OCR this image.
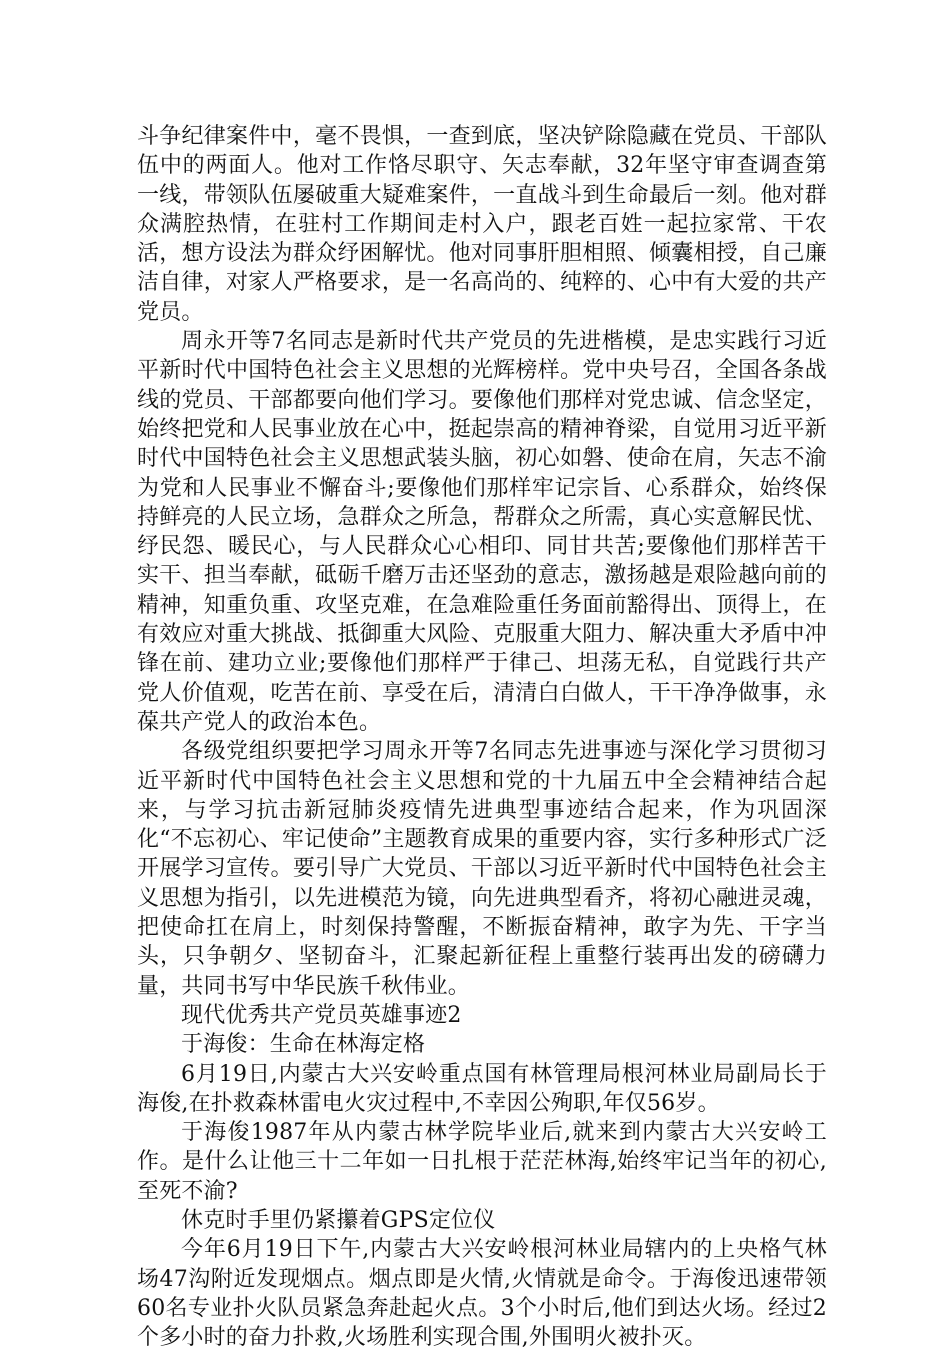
斗争纪律案件中，毫不畏惧，一查到底，坚决铲除隐藏在党员、干部队伍中的两面人。他对工作恪尽职守、矢志奉献，32年坚守审查调查第一线，带领队伍屡破重大疑难案件，一直战斗到生命最后一刻。他对群众满腔热情，在驻村工作期间走村入户，跟老百姓一起拉家常、干农活，想方设法为群众纾困解忧。他对同事肝胆相照、倾囊相授，自己廉洁自律，对家人严格要求，是一名高尚的、纯粹的、心中有大爱的共产党员。

周永开等7名同志是新时代共产党员的先进楷模，是忠实践行习近平新时代中国特色社会主义思想的光辉榜样。党中央号召，全国各条战线的党员、干部都要向他们学习。要像他们那样对党忠诚、信念坚定，始终把党和人民事业放在心中，挺起崇高的精神脊梁，自觉用习近平新时代中国特色社会主义思想武装头脑，初心如磐、使命在肩，矢志不渝为党和人民事业不懈奋斗;要像他们那样牢记宗旨、心系群众，始终保持鲜亮的人民立场，急群众之所急，帮群众之所需，真心实意解民忧、纾民怨、暖民心，与人民群众心心相印、同甘共苦;要像他们那样苦干实干、担当奉献，砥砺千磨万击还坚劲的意志，激扬越是艰险越向前的精神，知重负重、攻坚克难，在急难险重任务面前豁得出、顶得上，在有效应对重大挑战、抵御重大风险、克服重大阻力、解决重大矛盾中冲锋在前、建功立业;要像他们那样严于律己、坦荡无私，自觉践行共产党人价值观，吃苦在前、享受在后，清清白白做人，干干净净做事，永葆共产党人的政治本色。

各级党组织要把学习周永开等7名同志先进事迹与深化学习贯彻习近平新时代中国特色社会主义思想和党的十九届五中全会精神结合起来，与学习抗击新冠肺炎疫情先进典型事迹结合起来，作为巩固深化“不忘初心、牢记使命”主题教育成果的重要内容，实行多种形式广泛开展学习宣传。要引导广大党员、干部以习近平新时代中国特色社会主义思想为指引，以先进模范为镜，向先进典型看齐，将初心融进灵魂，把使命扛在肩上，时刻保持警醒，不断振奋精神，敢字为先、干字当头，只争朝夕、坚韧奋斗，汇聚起新征程上重整行装再出发的磅礴力量，共同书写中华民族千秋伟业。

现代优秀共产党员英雄事迹2

于海俊：生命在林海定格

6月19日,内蒙古大兴安岭重点国有林管理局根河林业局副局长于海俊,在扑救森林雷电火灾过程中,不幸因公殉职,年仅56岁。

于海俊1987年从内蒙古林学院毕业后,就来到内蒙古大兴安岭工作。是什么让他三十二年如一日扎根于茫茫林海,始终牢记当年的初心,至死不渝?

休克时手里仍紧攥着GPS定位仪

今年6月19日下午,内蒙古大兴安岭根河林业局辖内的上央格气林场47沟附近发现烟点。烟点即是火情,火情就是命令。于海俊迅速带领60名专业扑火队员紧急奔赴起火点。3个小时后,他们到达火场。经过2个多小时的奋力扑救,火场胜利实现合围,外围明火被扑灭。
